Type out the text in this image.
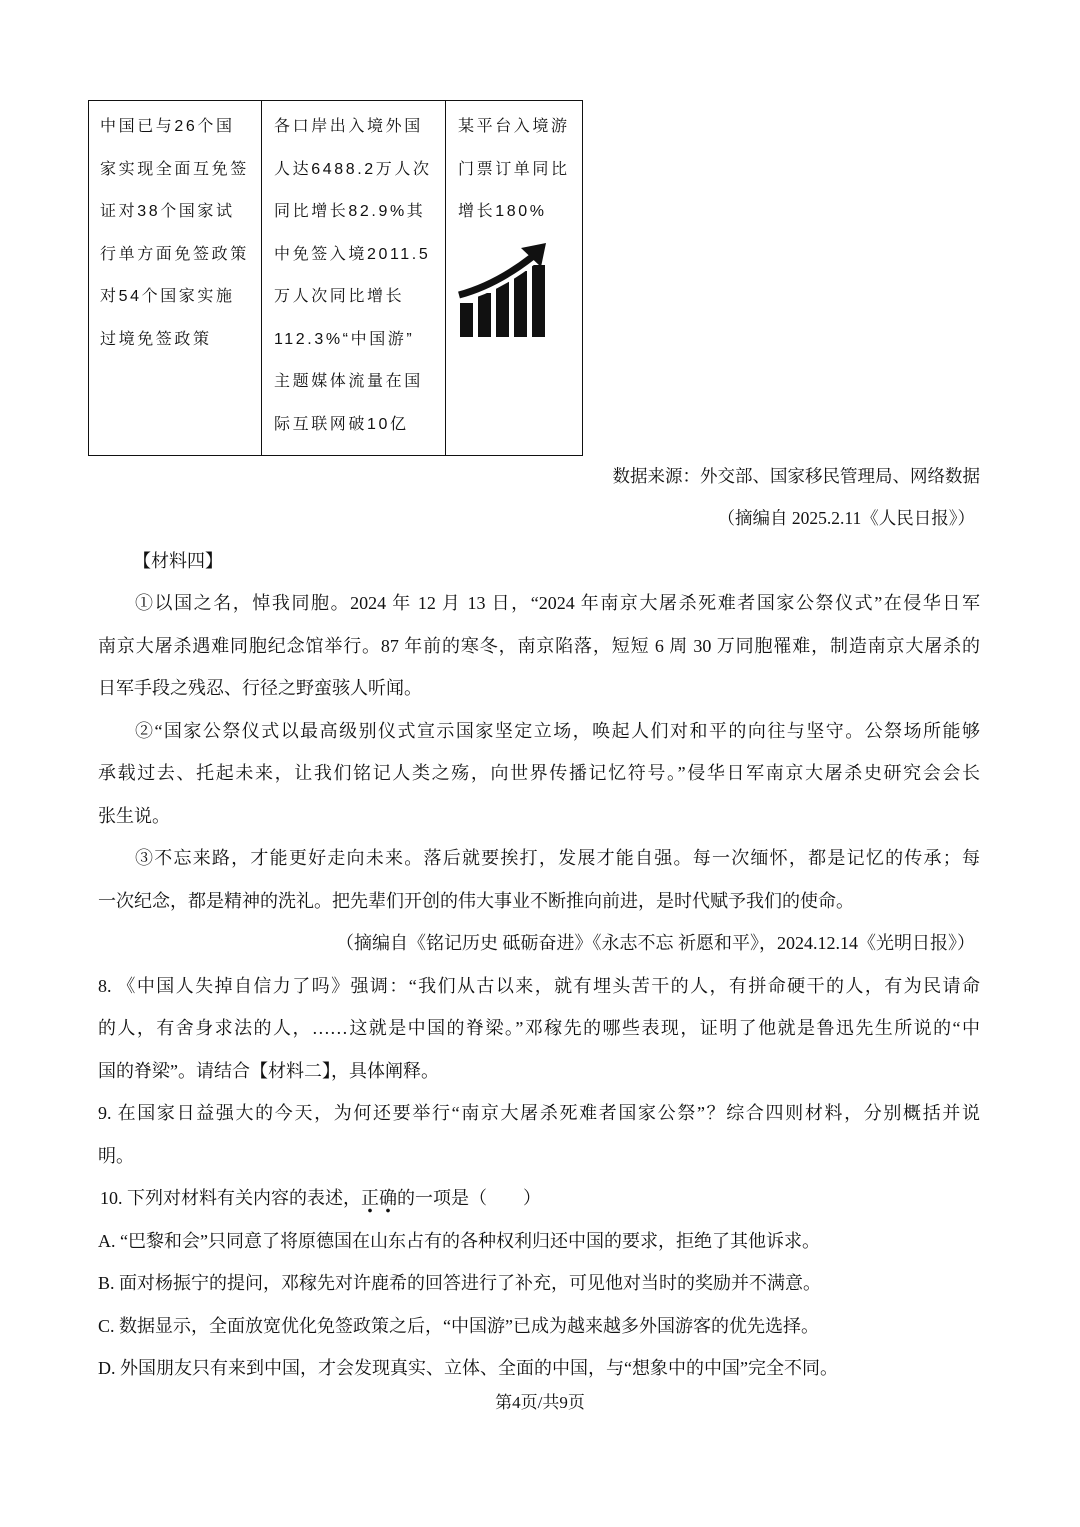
中国已与26个国
家实现全面互免签
证对38个国家试
行单方面免签政策
对54个国家实施
过境免签政策
各口岸出入境外国
人达6488.2万人次
同比增长82.9%其
中免签入境2011.5
万人次同比增长
112.3%“中国游”
主题媒体流量在国
际互联网破10亿
某平台入境游
门票订单同比
增长180%
数据来源：外交部、国家移民管理局、网络数据
（摘编自 2025.2.11《人民日报》）
【材料四】
①以国之名，悼我同胞。2024 年 12 月 13 日，“2024 年南京大屠杀死难者国家公祭仪式”在侵华日军
南京大屠杀遇难同胞纪念馆举行。87 年前的寒冬，南京陷落，短短 6 周 30 万同胞罹难，制造南京大屠杀的
日军手段之残忍、行径之野蛮骇人听闻。
②“国家公祭仪式以最高级别仪式宣示国家坚定立场，唤起人们对和平的向往与坚守。公祭场所能够
承载过去、托起未来，让我们铭记人类之殇，向世界传播记忆符号。”侵华日军南京大屠杀史研究会会长
张生说。
③不忘来路，才能更好走向未来。落后就要挨打，发展才能自强。每一次缅怀，都是记忆的传承；每
一次纪念，都是精神的洗礼。把先辈们开创的伟大事业不断推向前进，是时代赋予我们的使命。
（摘编自《铭记历史 砥砺奋进》《永志不忘 祈愿和平》，2024.12.14《光明日报》）
8. 《中国人失掉自信力了吗》强调：“我们从古以来，就有埋头苦干的人，有拼命硬干的人，有为民请命
的人，有舍身求法的人，……这就是中国的脊梁。”邓稼先的哪些表现，证明了他就是鲁迅先生所说的“中
国的脊梁”。请结合【材料二】，具体阐释。
9. 在国家日益强大的今天，为何还要举行“南京大屠杀死难者国家公祭”？综合四则材料，分别概括并说
明。
10. 下列对材料有关内容的表述，正确的一项是（　　）
A. “巴黎和会”只同意了将原德国在山东占有的各种权利归还中国的要求，拒绝了其他诉求。
B. 面对杨振宁的提问，邓稼先对许鹿希的回答进行了补充，可见他对当时的奖励并不满意。
C. 数据显示，全面放宽优化免签政策之后，“中国游”已成为越来越多外国游客的优先选择。
D. 外国朋友只有来到中国，才会发现真实、立体、全面的中国，与“想象中的中国”完全不同。
第4页/共9页
